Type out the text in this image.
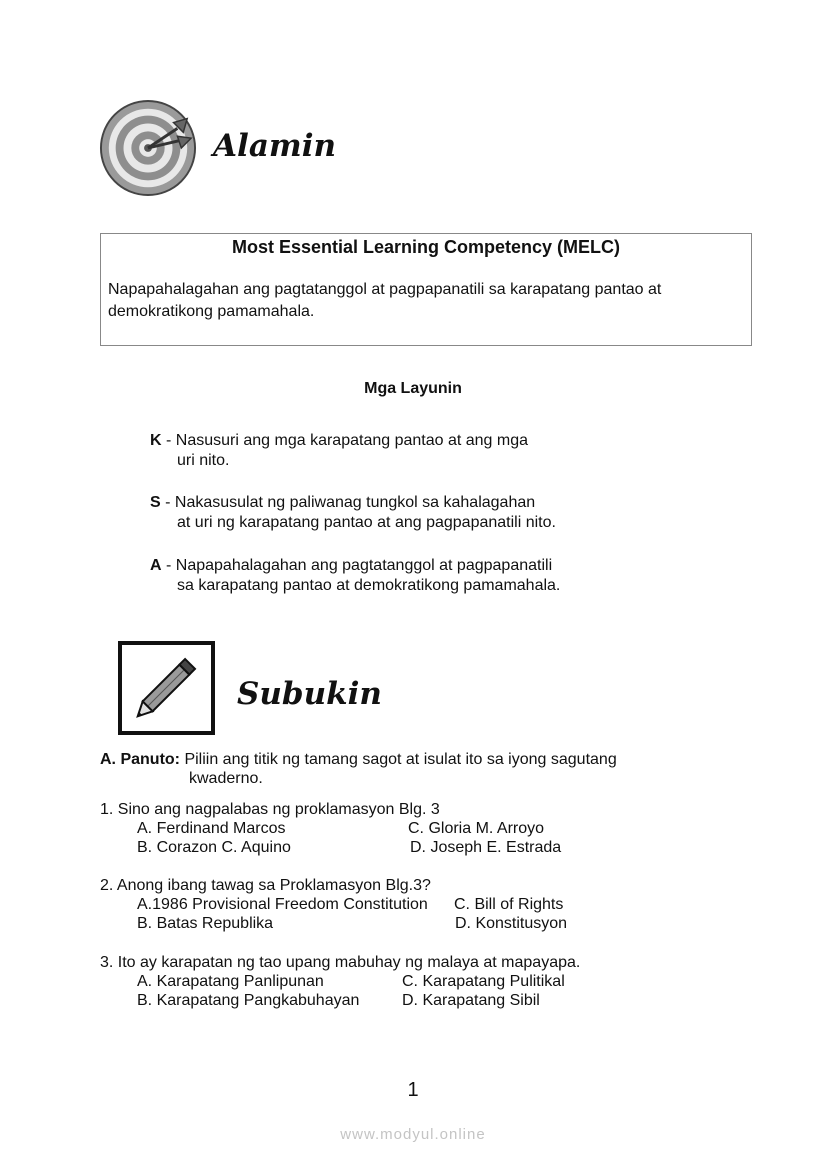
Alamin
Most Essential Learning Competency (MELC)
Napapahalagahan ang pagtatanggol at pagpapanatili sa karapatang pantao at demokratikong pamamahala.
Mga Layunin
K - Nasusuri ang mga karapatang pantao at ang mga
uri nito.
S - Nakasusulat ng paliwanag tungkol sa kahalagahan
at uri ng karapatang pantao at ang pagpapanatili nito.
A - Napapahalagahan ang pagtatanggol at pagpapanatili
sa karapatang pantao at demokratikong pamamahala.
Subukin
A. Panuto: Piliin ang titik ng tamang sagot at isulat ito sa iyong sagutang
kwaderno.
1. Sino ang nagpalabas ng proklamasyon Blg. 3
A. Ferdinand Marcos	C. Gloria M. Arroyo
B. Corazon C. Aquino	D. Joseph E. Estrada
2. Anong ibang tawag sa Proklamasyon Blg.3?
A.1986 Provisional Freedom Constitution C. Bill of Rights
B. Batas Republika	D. Konstitusyon
3. Ito ay karapatan ng tao upang mabuhay ng malaya at mapayapa.
A. Karapatang Panlipunan	C. Karapatang Pulitikal
B. Karapatang Pangkabuhayan	D. Karapatang Sibil
1
www.modyul.online
